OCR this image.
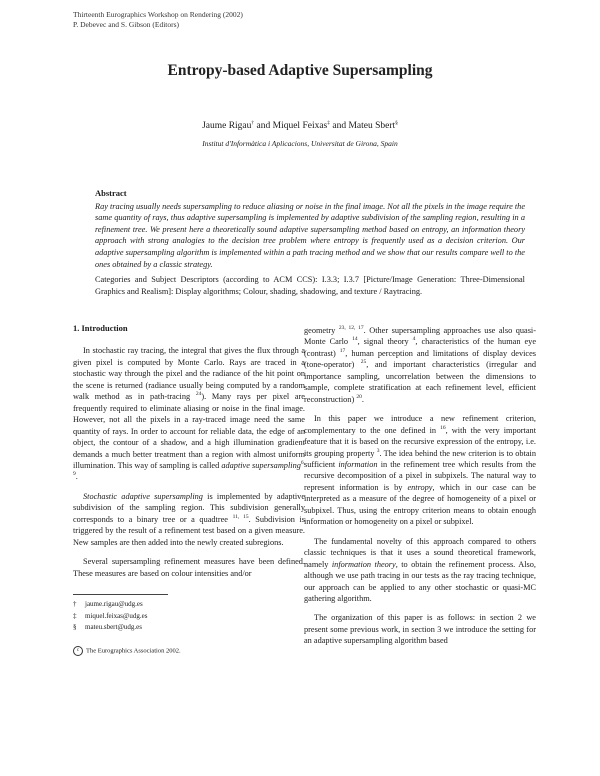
Thirteenth Eurographics Workshop on Rendering (2002)
P. Debevec and S. Gibson (Editors)
Entropy-based Adaptive Supersampling
Jaume Rigau† and Miquel Feixas‡ and Mateu Sbert§
Institut d'Informàtica i Aplicacions, Universitat de Girona, Spain
Abstract

Ray tracing usually needs supersampling to reduce aliasing or noise in the final image. Not all the pixels in the image require the same quantity of rays, thus adaptive supersampling is implemented by adaptive subdivision of the sampling region, resulting in a refinement tree. We present here a theoretically sound adaptive supersampling method based on entropy, an information theory approach with strong analogies to the decision tree problem where entropy is frequently used as a decision criterion. Our adaptive supersampling algorithm is implemented within a path tracing method and we show that our results compare well to the ones obtained by a classic strategy.

Categories and Subject Descriptors (according to ACM CCS): I.3.3; I.3.7 [Picture/Image Generation: Three-Dimensional Graphics and Realism]: Display algorithms; Colour, shading, shadowing, and texture / Raytracing.

1. Introduction

In stochastic ray tracing, the integral that gives the flux through a given pixel is computed by Monte Carlo. Rays are traced in a stochastic way through the pixel and the radiance of the hit point on the scene is returned (radiance usually being computed by a random walk method as in path-tracing $^{24}$). Many rays per pixel are frequently required to eliminate aliasing or noise in the final image. However, not all the pixels in a ray-traced image need the same quantity of rays. In order to account for reliable data, the edge of an object, the contour of a shadow, and a high illumination gradient demands a much better treatment than a region with almost uniform illumination. This way of sampling is called adaptive supersampling$^{6, 9}$.

Stochastic adaptive supersampling is implemented by adaptive subdivision of the sampling region. This subdivision generally corresponds to a binary tree or a quadtree $^{11, 15}$. Subdivision is triggered by the result of a refinement test based on a given measure. New samples are then added into the newly created subregions.

Several supersampling refinement measures have been defined. These measures are based on colour intensities and/or

† jaume.rigau@udg.es
‡ miquel.feixas@udg.es
§ mateu.sbert@udg.es
c The Eurographics Association 2002.

geometry $^{23, 12, 17}$. Other supersampling approaches use also quasi-Monte Carlo $^{14}$, signal theory $^4$, characteristics of the human eye (contrast) $^{17}$, human perception and limitations of display devices (tone-operator) $^{25}$, and important characteristics (irregular and importance sampling, uncorrelation between the dimensions to sample, complete stratification at each refinement level, efficient reconstruction) $^{20}$.

In this paper we introduce a new refinement criterion, complementary to the one defined in $^{16}$, with the very important feature that it is based on the recursive expression of the entropy, i.e. its grouping property $^3$. The idea behind the new criterion is to obtain sufficient information in the refinement tree which results from the recursive decomposition of a pixel in subpixels. The natural way to represent information is by entropy, which in our case can be interpreted as a measure of the degree of homogeneity of a pixel or subpixel. Thus, using the entropy criterion means to obtain enough information or homogeneity on a pixel or subpixel.

The fundamental novelty of this approach compared to others classic techniques is that it uses a sound theoretical framework, namely information theory, to obtain the refinement process. Also, although we use path tracing in our tests as the ray tracing technique, our approach can be applied to any other stochastic or quasi-MC gathering algorithm.

The organization of this paper is as follows: in section 2 we present some previous work, in section 3 we introduce the setting for an adaptive supersampling algorithm based
